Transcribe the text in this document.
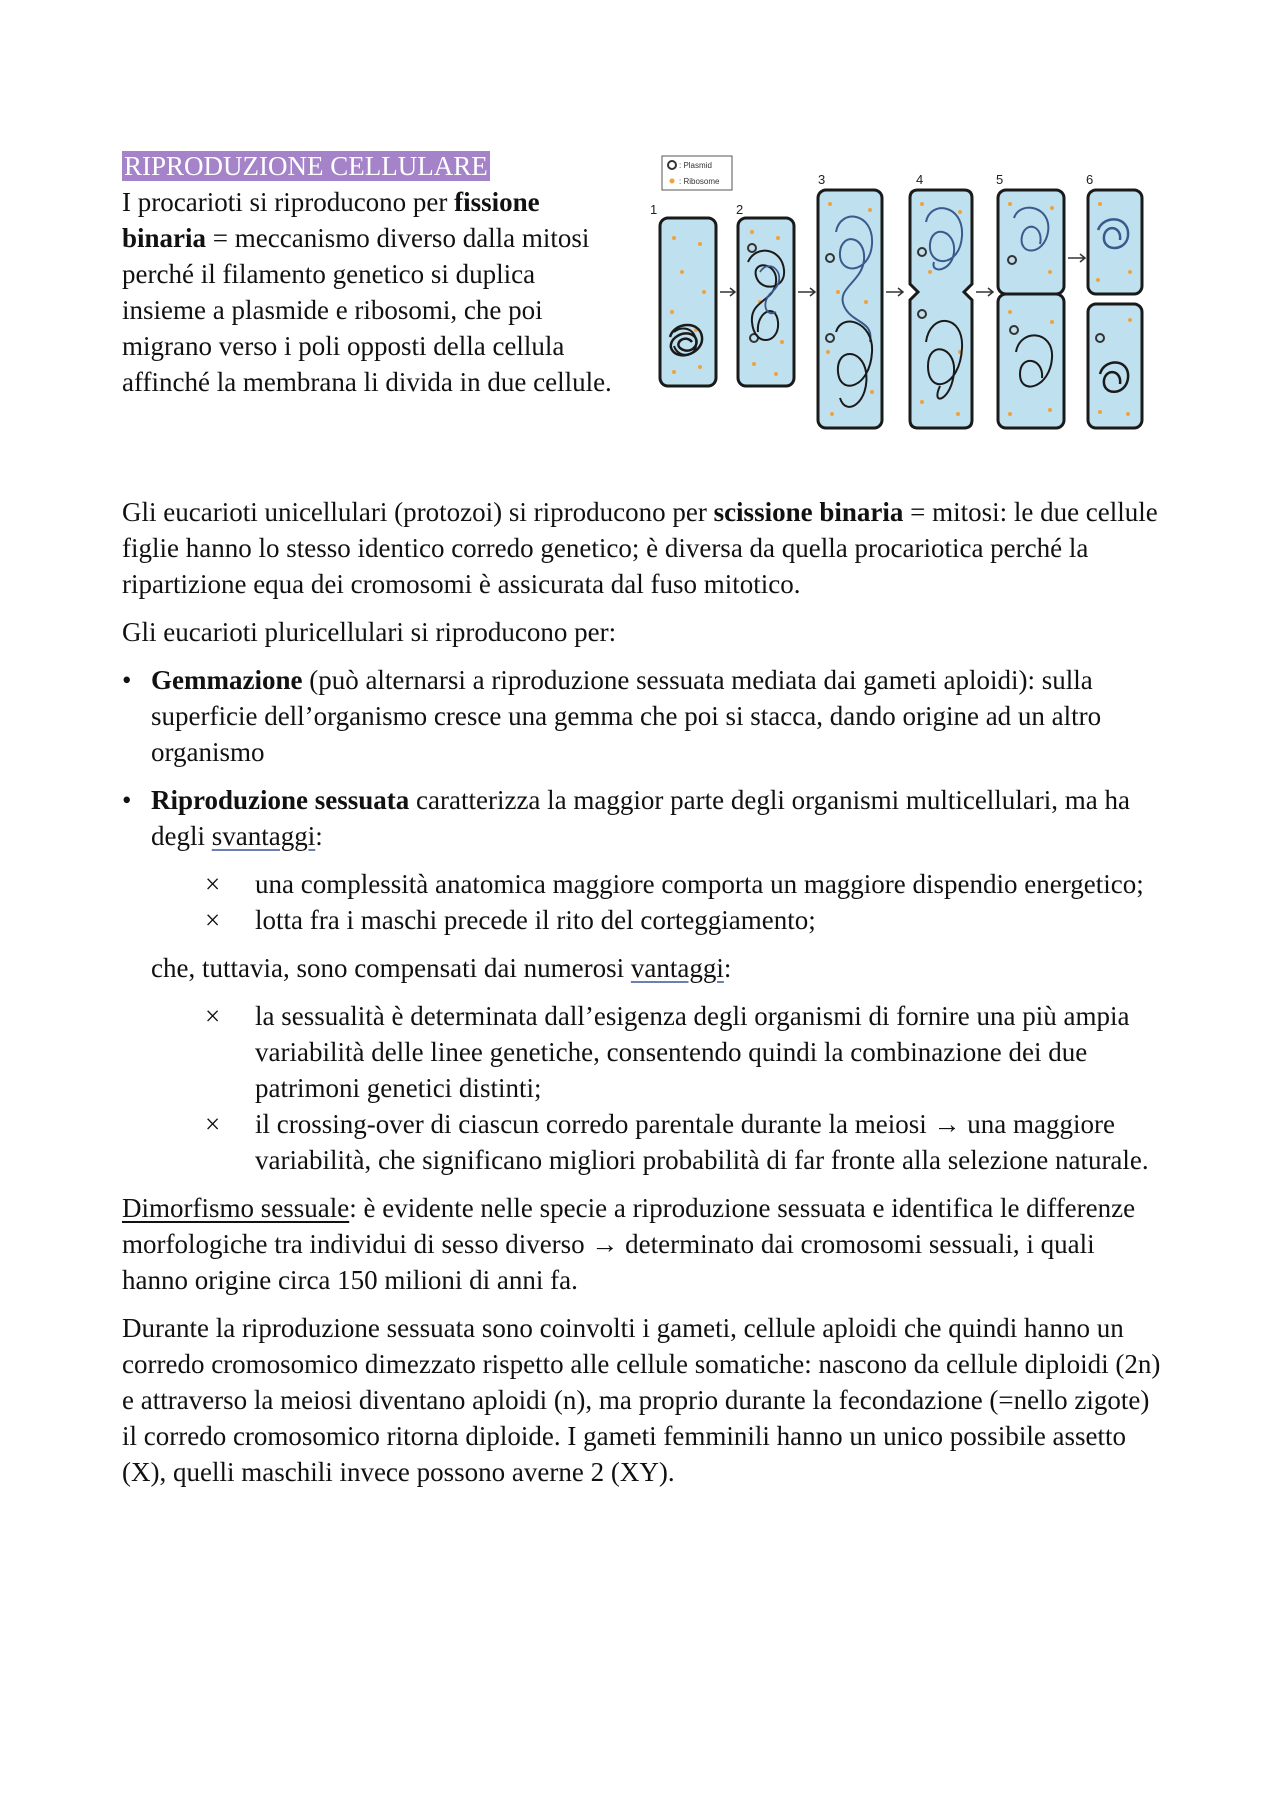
: Plasmid
: Ribosome
1	2
3	4	5	6
RIPRODUZIONE CELLULARE

I procarioti si riproducono per fissione binaria = meccanismo diverso dalla mitosi perché il filamento genetico si duplica insieme a plasmide e ribosomi, che poi migrano verso i poli opposti della cellula affinché la membrana li divida in due cellule.

Gli eucarioti unicellulari (protozoi) si riproducono per scissione binaria = mitosi: le due cellule figlie hanno lo stesso identico corredo genetico; è diversa da quella procariotica perché la ripartizione equa dei cromosomi è assicurata dal fuso mitotico.

Gli eucarioti pluricellulari si riproducono per:

• Gemmazione (può alternarsi a riproduzione sessuata mediata dai gameti aploidi): sulla superficie dell’organismo cresce una gemma che poi si stacca, dando origine ad un altro organismo
• Riproduzione sessuata caratterizza la maggior parte degli organismi multicellulari, ma ha degli svantaggi:
× una complessità anatomica maggiore comporta un maggiore dispendio energetico;
× lotta fra i maschi precede il rito del corteggiamento;

che, tuttavia, sono compensati dai numerosi vantaggi:

× la sessualità è determinata dall’esigenza degli organismi di fornire una più ampia variabilità delle linee genetiche, consentendo quindi la combinazione dei due patrimoni genetici distinti;
× il crossing-over di ciascun corredo parentale durante la meiosi → una maggiore variabilità, che significano migliori probabilità di far fronte alla selezione naturale.

Dimorfismo sessuale: è evidente nelle specie a riproduzione sessuata e identifica le differenze morfologiche tra individui di sesso diverso → determinato dai cromosomi sessuali, i quali hanno origine circa 150 milioni di anni fa.

Durante la riproduzione sessuata sono coinvolti i gameti, cellule aploidi che quindi hanno un corredo cromosomico dimezzato rispetto alle cellule somatiche: nascono da cellule diploidi (2n) e attraverso la meiosi diventano aploidi (n), ma proprio durante la fecondazione (=nello zigote) il corredo cromosomico ritorna diploide. I gameti femminili hanno un unico possibile assetto (X), quelli maschili invece possono averne 2 (XY).
